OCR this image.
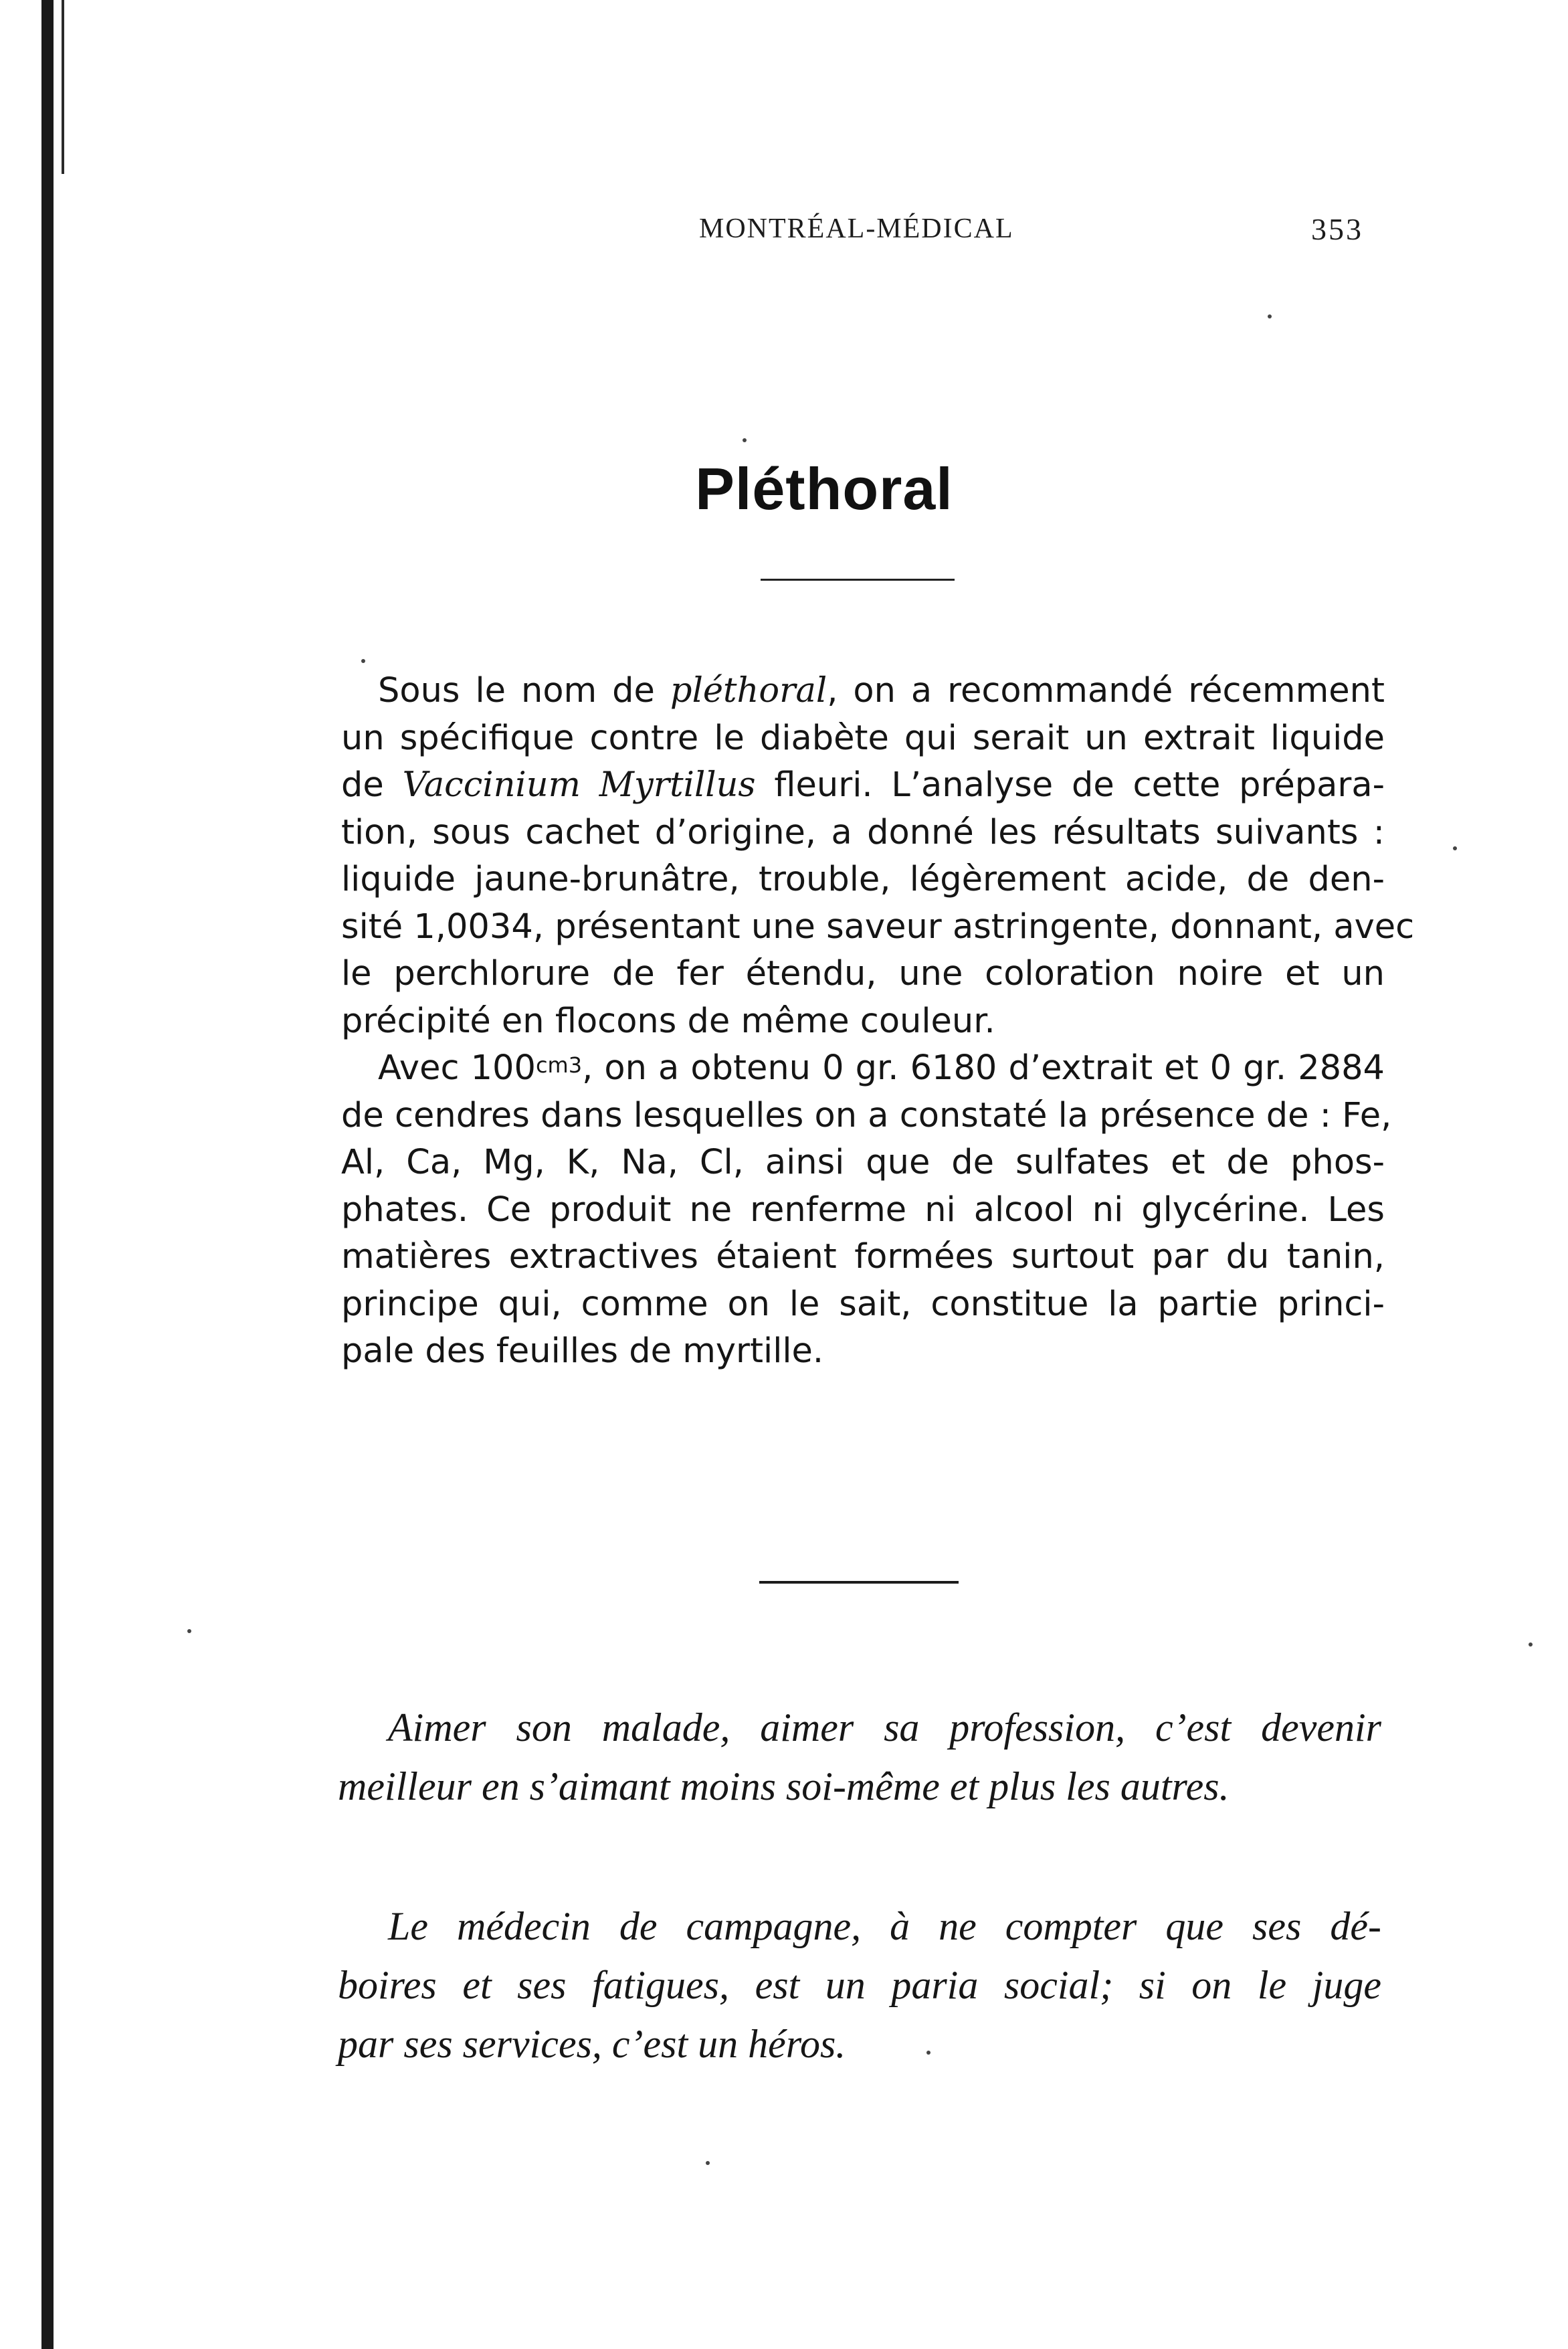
MONTRÉAL-MÉDICAL	353
Pléthoral
Sous le nom de pléthoral, on a recommandé récemment
un spécifique contre le diabète qui serait un extrait liquide
de Vaccinium Myrtillus fleuri. L’analyse de cette prépara-
tion, sous cachet d’origine, a donné les résultats suivants :
liquide jaune-brunâtre, trouble, légèrement acide, de den-
sité 1,0034, présentant une saveur astringente, donnant, avec
le perchlorure de fer étendu, une coloration noire et un
précipité en flocons de même couleur.
Avec $100^{cm3}$, on a obtenu 0 gr. 6180 d’extrait et 0 gr. 2884
de cendres dans lesquelles on a constaté la présence de : Fe,
Al, Ca, Mg, K, Na, Cl, ainsi que de sulfates et de phos-
phates. Ce produit ne renferme ni alcool ni glycérine. Les
matières extractives étaient formées surtout par du tanin,
principe qui, comme on le sait, constitue la partie princi-
pale des feuilles de myrtille.
Aimer son malade, aimer sa profession, c’est devenir
meilleur en s’aimant moins soi-même et plus les autres.
Le médecin de campagne, à ne compter que ses dé-
boires et ses fatigues, est un paria social; si on le juge
par ses services, c’est un héros.
